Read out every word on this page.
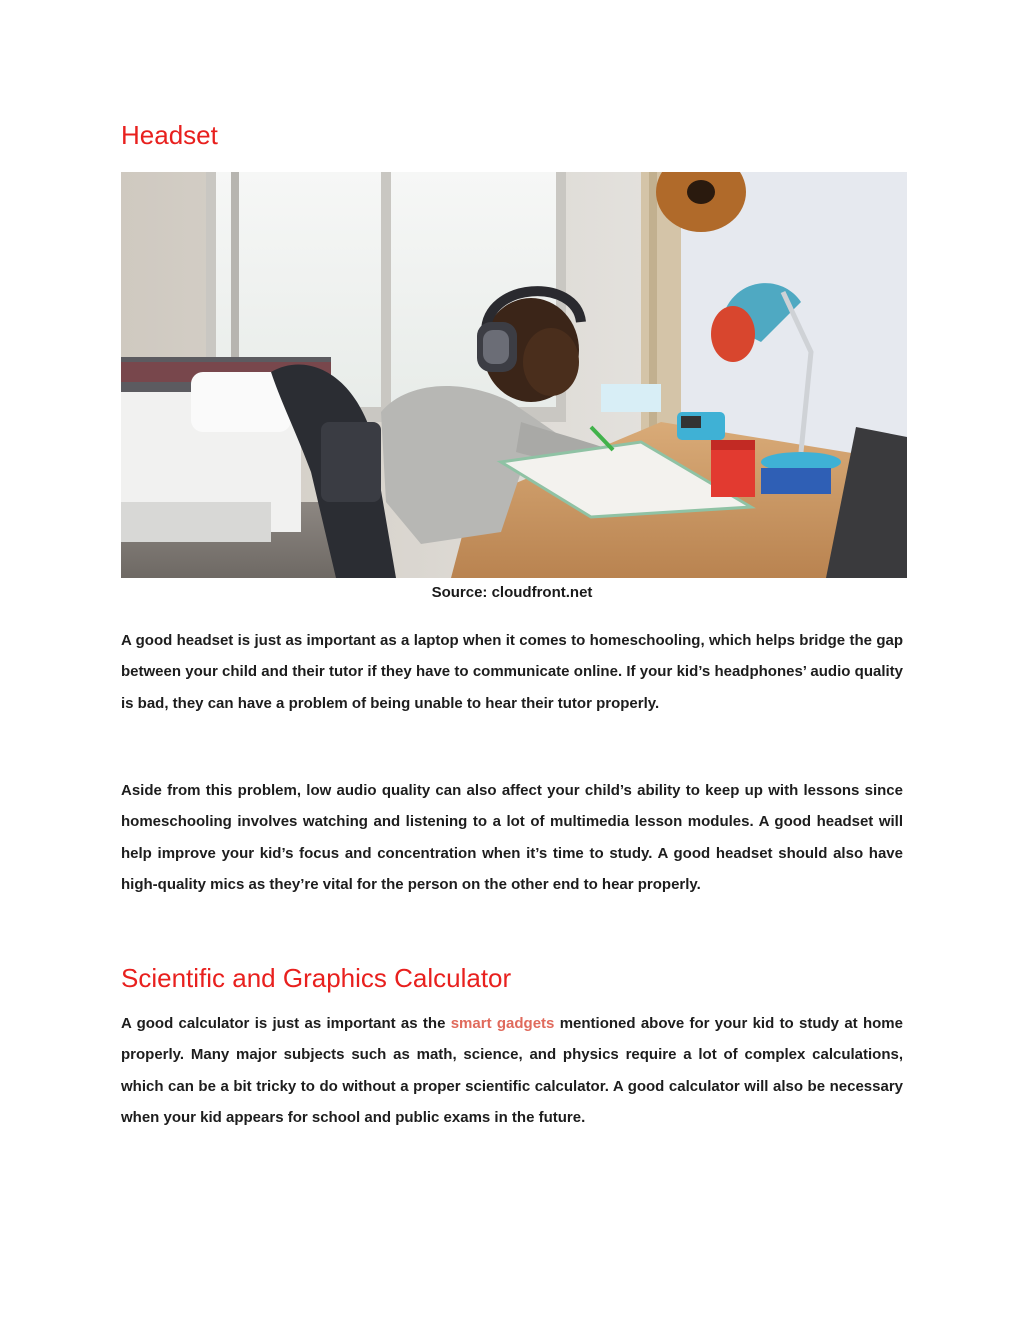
Headset

Source: cloudfront.net

A good headset is just as important as a laptop when it comes to homeschooling, which helps bridge the gap between your child and their tutor if they have to communicate online. If your kid’s headphones’ audio quality is bad, they can have a problem of being unable to hear their tutor properly.

Aside from this problem, low audio quality can also affect your child’s ability to keep up with lessons since homeschooling involves watching and listening to a lot of multimedia lesson modules. A good headset will help improve your kid’s focus and concentration when it’s time to study. A good headset should also have high-quality mics as they’re vital for the person on the other end to hear properly.

Scientific and Graphics Calculator

A good calculator is just as important as the smart gadgets mentioned above for your kid to study at home properly. Many major subjects such as math, science, and physics require a lot of complex calculations, which can be a bit tricky to do without a proper scientific calculator. A good calculator will also be necessary when your kid appears for school and public exams in the future.
